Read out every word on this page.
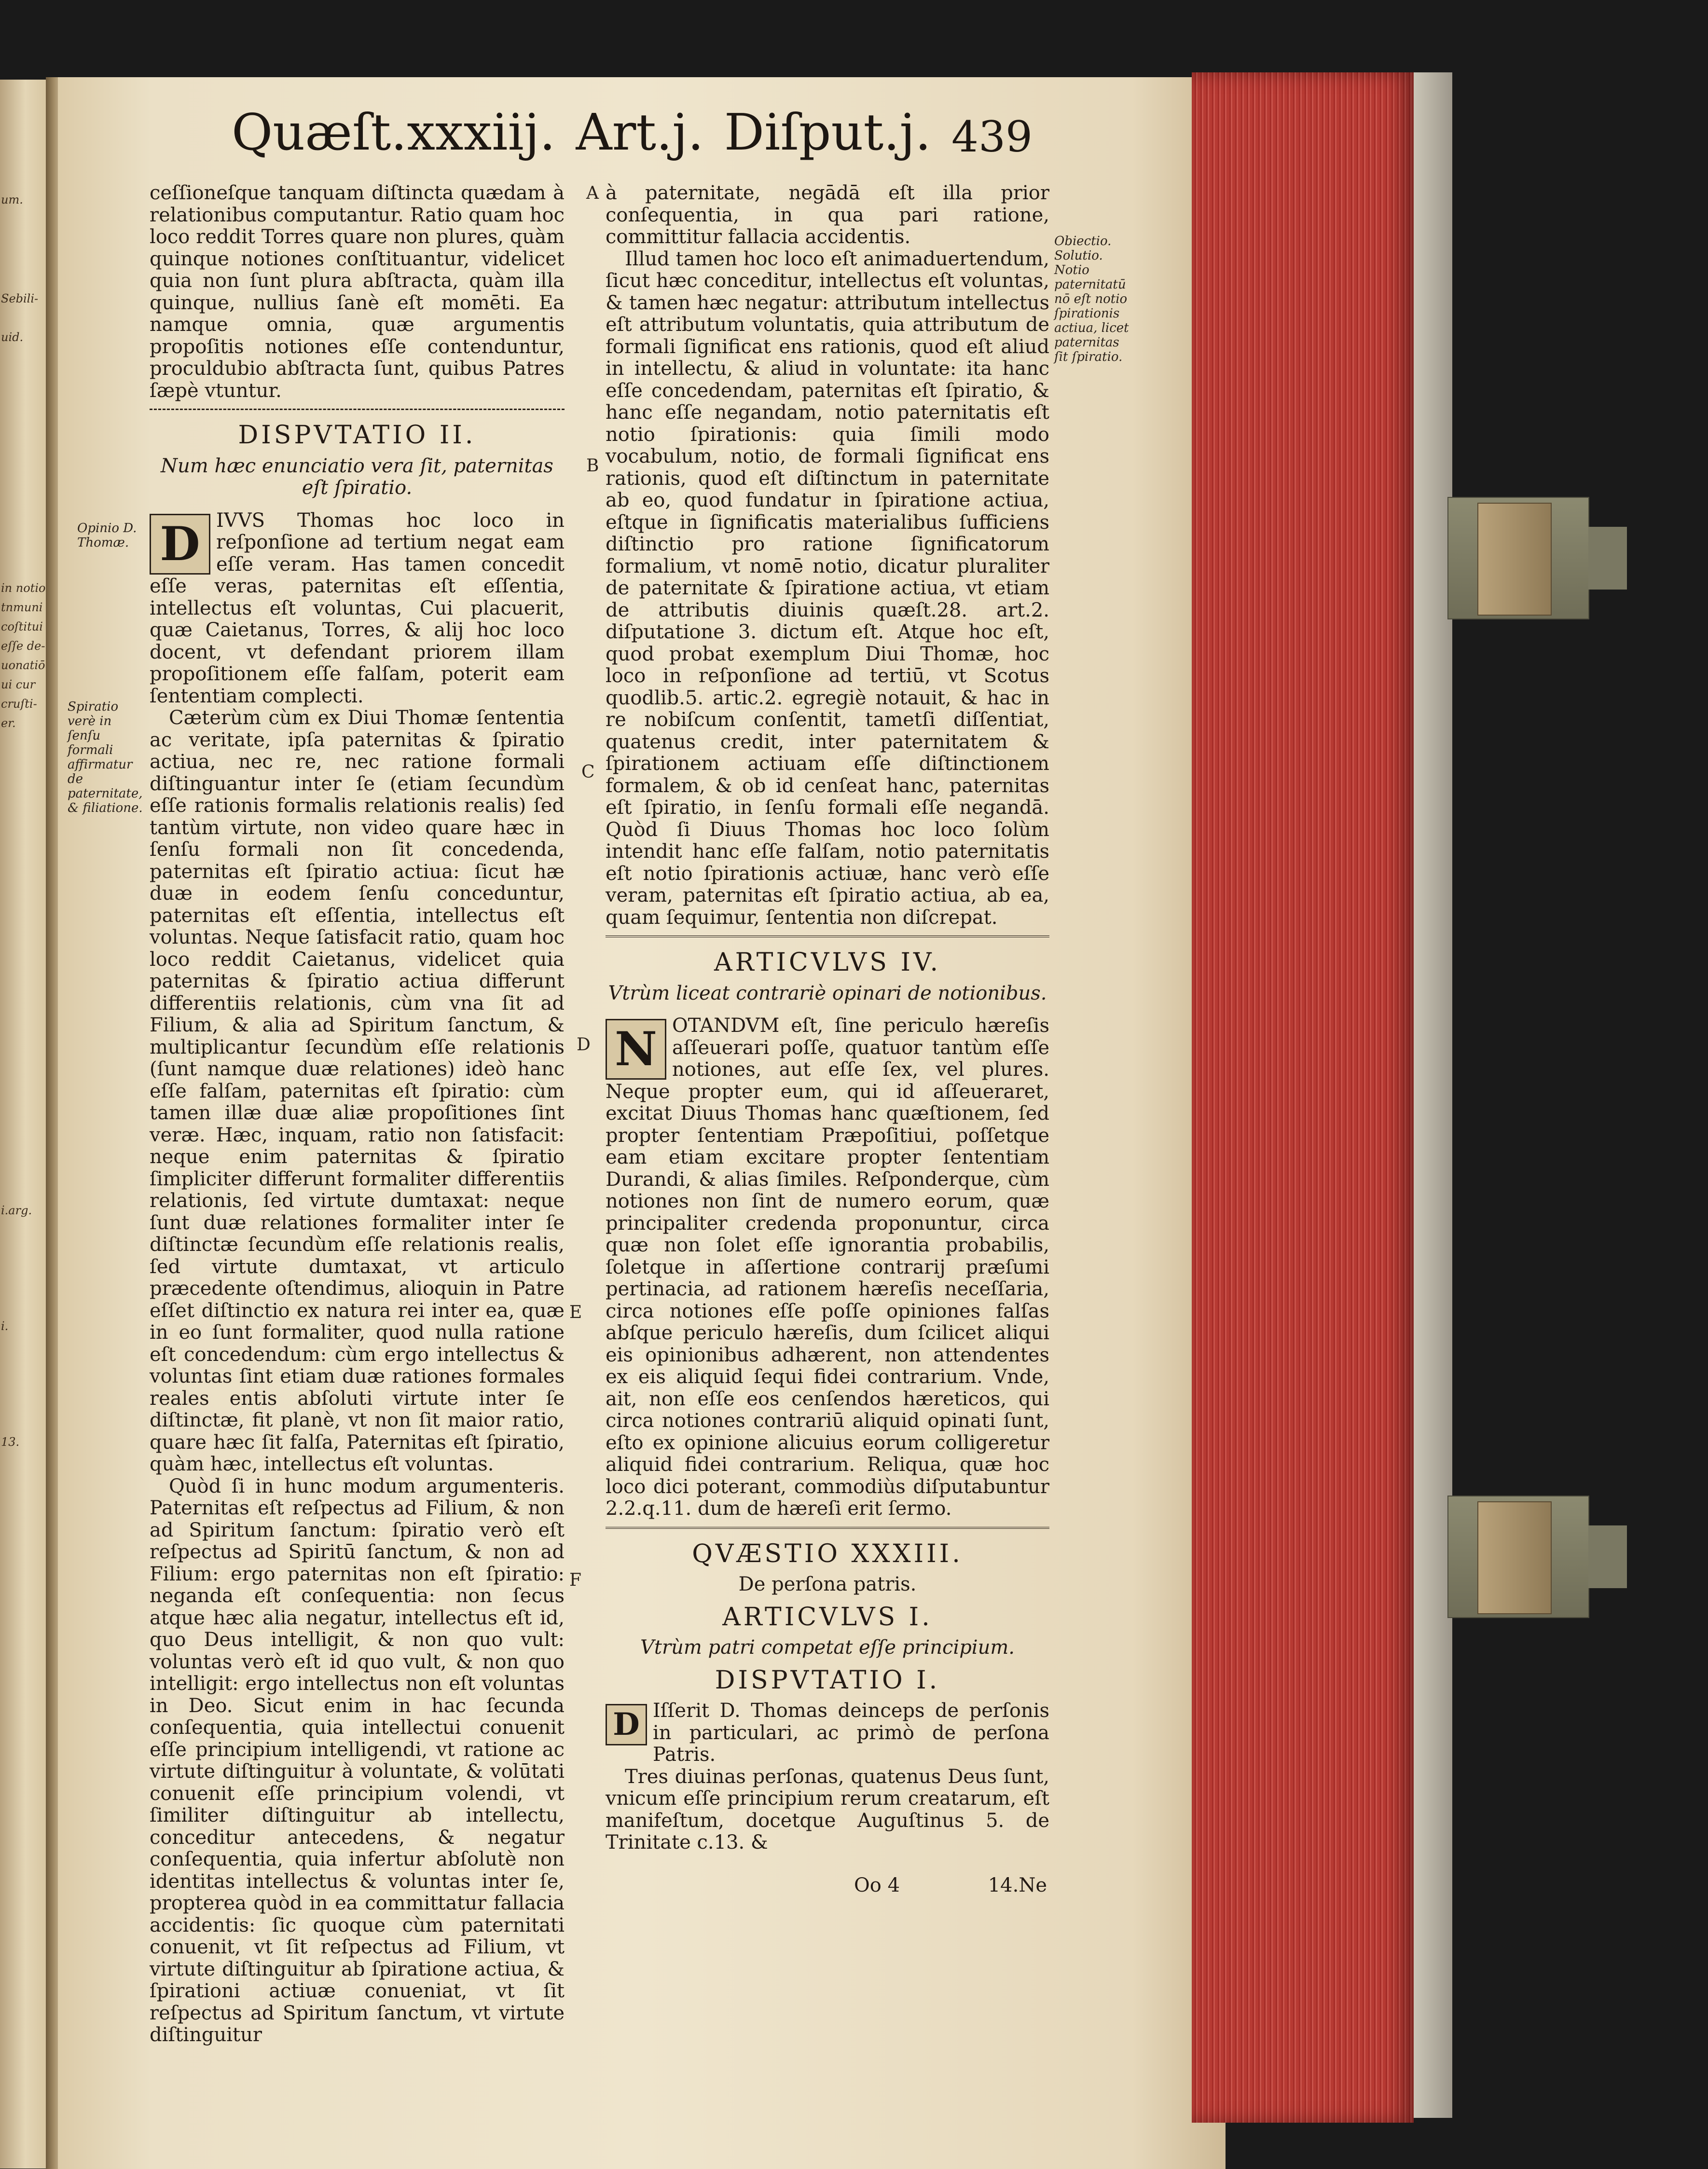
um.
Sebili-
uid.
in notio
tnmuni
coſtitui
eſſe de-
uonatiō
ui cur
cruſti-
er.
i.arg.
i.
13.
Quæſt.xxxiij. Art.j. Diſput.j. 439

ceſſioneſque tanquam diſtincta quædam à relationibus computantur. Ratio quam hoc loco reddit Torres quare non plures, quàm quinque notiones conſtituantur, videlicet quia non ſunt plura abſtracta, quàm illa quinque, nullius ſanè eſt momēti. Ea namque omnia, quæ argumentis propoſitis notiones eſſe contenduntur, proculdubio abſtracta ſunt, quibus Patres ſæpè vtuntur.

DISPVTATIO II.
Num hæc enunciatio vera ſit, paternitas eſt ſpiratio.

D IVVS Thomas hoc loco in reſponſione ad tertium negat eam eſſe veram. Has tamen concedit eſſe veras, paternitas eſt eſſentia, intellectus eſt voluntas, Cui placuerit, quæ Caietanus, Torres, & alij hoc loco docent, vt defendant priorem illam propoſitionem eſſe falſam, poterit eam ſententiam complecti.

Cæterùm cùm ex Diui Thomæ ſententia ac veritate, ipſa paternitas & ſpiratio actiua, nec re, nec ratione formali diſtinguantur inter ſe (etiam ſecundùm eſſe rationis formalis relationis realis) ſed tantùm virtute, non video quare hæc in ſenſu formali non ſit concedenda, paternitas eſt ſpiratio actiua: ſicut hæ duæ in eodem ſenſu conceduntur, paternitas eſt eſſentia, intellectus eſt voluntas. Neque ſatisfacit ratio, quam hoc loco reddit Caietanus, videlicet quia paternitas & ſpiratio actiua differunt differentiis relationis, cùm vna ſit ad Filium, & alia ad Spiritum ſanctum, & multiplicantur ſecundùm eſſe relationis (ſunt namque duæ relationes) ideò hanc eſſe falſam, paternitas eſt ſpiratio: cùm tamen illæ duæ aliæ propoſitiones ſint veræ. Hæc, inquam, ratio non ſatisfacit: neque enim paternitas & ſpiratio ſimpliciter differunt formaliter differentiis relationis, ſed virtute dumtaxat: neque ſunt duæ relationes formaliter inter ſe diſtinctæ ſecundùm eſſe relationis realis, ſed virtute dumtaxat, vt articulo præcedente oſtendimus, alioquin in Patre eſſet diſtinctio ex natura rei inter ea, quæ in eo ſunt formaliter, quod nulla ratione eſt concedendum: cùm ergo intellectus & voluntas ſint etiam duæ rationes formales reales entis abſoluti virtute inter ſe diſtinctæ, fit planè, vt non ſit maior ratio, quare hæc ſit falſa, Paternitas eſt ſpiratio, quàm hæc, intellectus eſt voluntas.

Quòd ſi in hunc modum argumenteris. Paternitas eſt reſpectus ad Filium, & non ad Spiritum ſanctum: ſpiratio verò eſt reſpectus ad Spiritū ſanctum, & non ad Filium: ergo paternitas non eſt ſpiratio: neganda eſt conſequentia: non ſecus atque hæc alia negatur, intellectus eſt id, quo Deus intelligit, & non quo vult: voluntas verò eſt id quo vult, & non quo intelligit: ergo intellectus non eſt voluntas in Deo. Sicut enim in hac ſecunda conſequentia, quia intellectui conuenit eſſe principium intelligendi, vt ratione ac virtute diſtinguitur à voluntate, & volūtati conuenit eſſe principium volendi, vt ſimiliter diſtinguitur ab intellectu, conceditur antecedens, & negatur conſequentia, quia infertur abſolutè non identitas intellectus & voluntas inter ſe, propterea quòd in ea committatur fallacia accidentis: ſic quoque cùm paternitati conuenit, vt ſit reſpectus ad Filium, vt virtute diſtinguitur ab ſpiratione actiua, & ſpirationi actiuæ conueniat, vt ſit reſpectus ad Spiritum ſanctum, vt virtute diſtinguitur

à paternitate, negādā eſt illa prior conſequentia, in qua pari ratione, committitur fallacia accidentis.

Illud tamen hoc loco eſt animaduertendum, ſicut hæc conceditur, intellectus eſt voluntas, & tamen hæc negatur: attributum intellectus eſt attributum voluntatis, quia attributum de formali ſignificat ens rationis, quod eſt aliud in intellectu, & aliud in voluntate: ita hanc eſſe concedendam, paternitas eſt ſpiratio, & hanc eſſe negandam, notio paternitatis eſt notio ſpirationis: quia ſimili modo vocabulum, notio, de formali ſignificat ens rationis, quod eſt diſtinctum in paternitate ab eo, quod fundatur in ſpiratione actiua, eſtque in ſignificatis materialibus ſufficiens diſtinctio pro ratione ſignificatorum formalium, vt nomē notio, dicatur pluraliter de paternitate & ſpiratione actiua, vt etiam de attributis diuinis quæſt.28. art.2. diſputatione 3. dictum eſt. Atque hoc eſt, quod probat exemplum Diui Thomæ, hoc loco in reſponſione ad tertiū, vt Scotus quodlib.5. artic.2. egregiè notauit, & hac in re nobiſcum conſentit, tametſi diſſentiat, quatenus credit, inter paternitatem & ſpirationem actiuam eſſe diſtinctionem formalem, & ob id cenſeat hanc, paternitas eſt ſpiratio, in ſenſu formali eſſe negandā. Quòd ſi Diuus Thomas hoc loco ſolùm intendit hanc eſſe falſam, notio paternitatis eſt notio ſpirationis actiuæ, hanc verò eſſe veram, paternitas eſt ſpiratio actiua, ab ea, quam ſequimur, ſententia non diſcrepat.

ARTICVLVS IV.
Vtrùm liceat contrariè opinari de notionibus.

N OTANDVM eſt, ſine periculo hæreſis aſſeuerari poſſe, quatuor tantùm eſſe notiones, aut eſſe ſex, vel plures. Neque propter eum, qui id aſſeueraret, excitat Diuus Thomas hanc quæſtionem, ſed propter ſententiam Præpoſitiui, poſſetque eam etiam excitare propter ſententiam Durandi, & alias ſimiles. Reſponderque, cùm notiones non ſint de numero eorum, quæ principaliter credenda proponuntur, circa quæ non ſolet eſſe ignorantia probabilis, ſoletque in aſſertione contrarij præſumi pertinacia, ad rationem hæreſis neceſſaria, circa notiones eſſe poſſe opiniones falſas abſque periculo hæreſis, dum ſcilicet aliqui eis opinionibus adhærent, non attendentes ex eis aliquid ſequi fidei contrarium. Vnde, ait, non eſſe eos cenſendos hæreticos, qui circa notiones contrariū aliquid opinati ſunt, eſto ex opinione alicuius eorum colligeretur aliquid fidei contrarium. Reliqua, quæ hoc loco dici poterant, commodiùs diſputabuntur 2.2.q.11. dum de hæreſi erit ſermo.

QVÆSTIO XXXIII.
De perſona patris.
ARTICVLVS I.
Vtrùm patri competat eſſe principium.
DISPVTATIO I.

D Iſſerit D. Thomas deinceps de perſonis in particulari, ac primò de perſona Patris.

Tres diuinas perſonas, quatenus Deus ſunt, vnicum eſſe principium rerum creatarum, eſt manifeſtum, docetque Auguſtinus 5. de Trinitate c.13. &

Opinio D. Thomæ.
Spiratio verè in ſenſu formali affirmatur de paternitate, & filiatione.
Obiectio. Solutio. Notio paternitatū nō eſt notio ſpirationis actiua, licet paternitas ſit ſpiratio.
A
B
C
D
E
F
Oo 4	14.Ne
